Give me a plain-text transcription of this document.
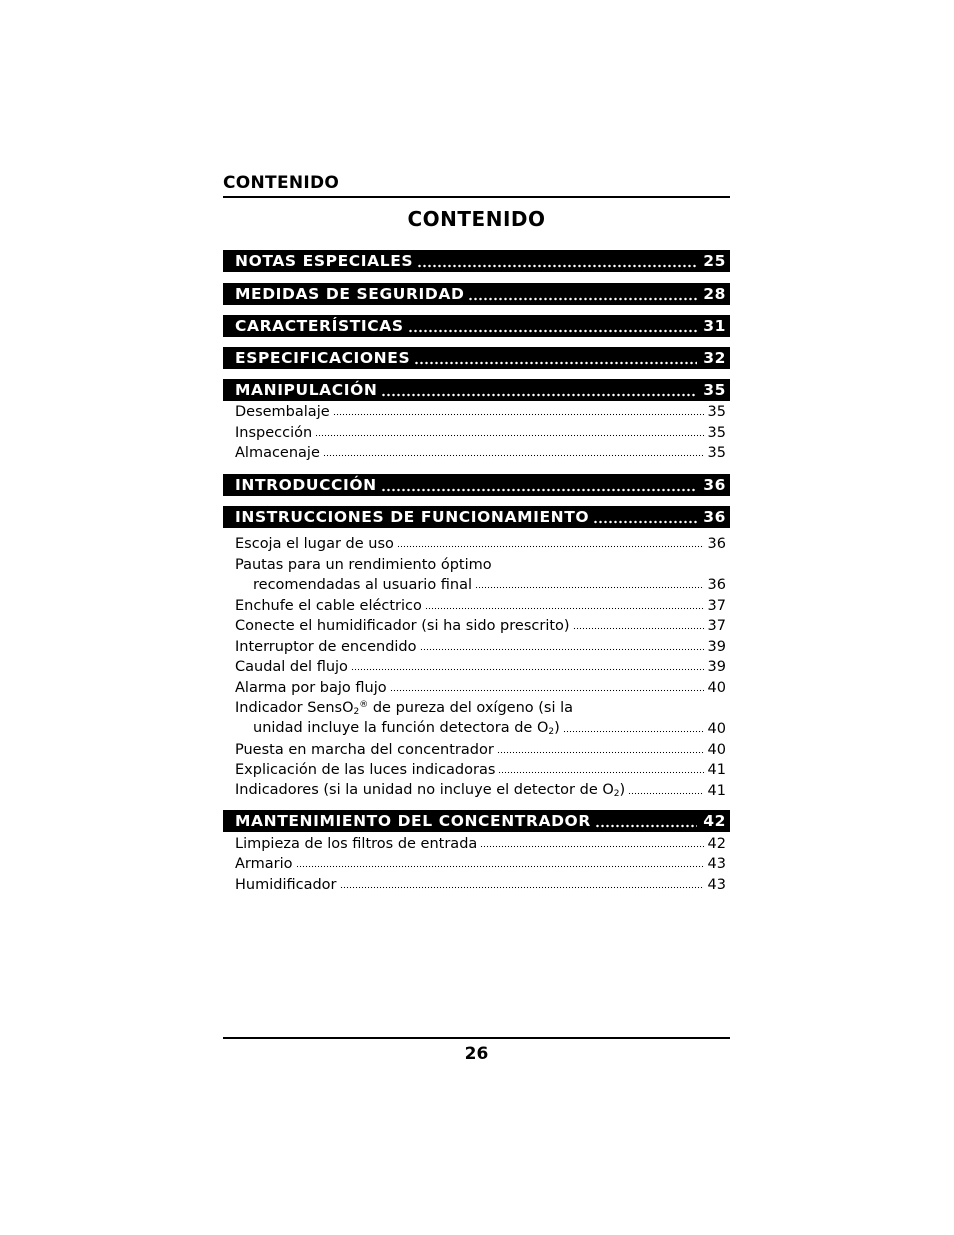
CONTENIDO
CONTENIDO
NOTAS ESPECIALES	25
MEDIDAS DE SEGURIDAD	28
CARACTERÍSTICAS	31
ESPECIFICACIONES	32
MANIPULACIÓN	35
Desembalaje	35
Inspección	35
Almacenaje	35
INTRODUCCIÓN	36
INSTRUCCIONES DE FUNCIONAMIENTO	36
Escoja el lugar de uso	36
Pautas para un rendimiento óptimo
recomendadas al usuario final	36
Enchufe el cable eléctrico	37
Conecte el humidificador (si ha sido prescrito)	37
Interruptor de encendido	39
Caudal del flujo	39
Alarma por bajo flujo	40
Indicador SensO$_2$® de pureza del oxígeno (si la
unidad incluye la función detectora de $O_2$)	40
Puesta en marcha del concentrador	40
Explicación de las luces indicadoras	41
Indicadores (si la unidad no incluye el detector de $O_2$)	41
MANTENIMIENTO DEL CONCENTRADOR	42
Limpieza de los filtros de entrada	42
Armario	43
Humidificador	43
26
